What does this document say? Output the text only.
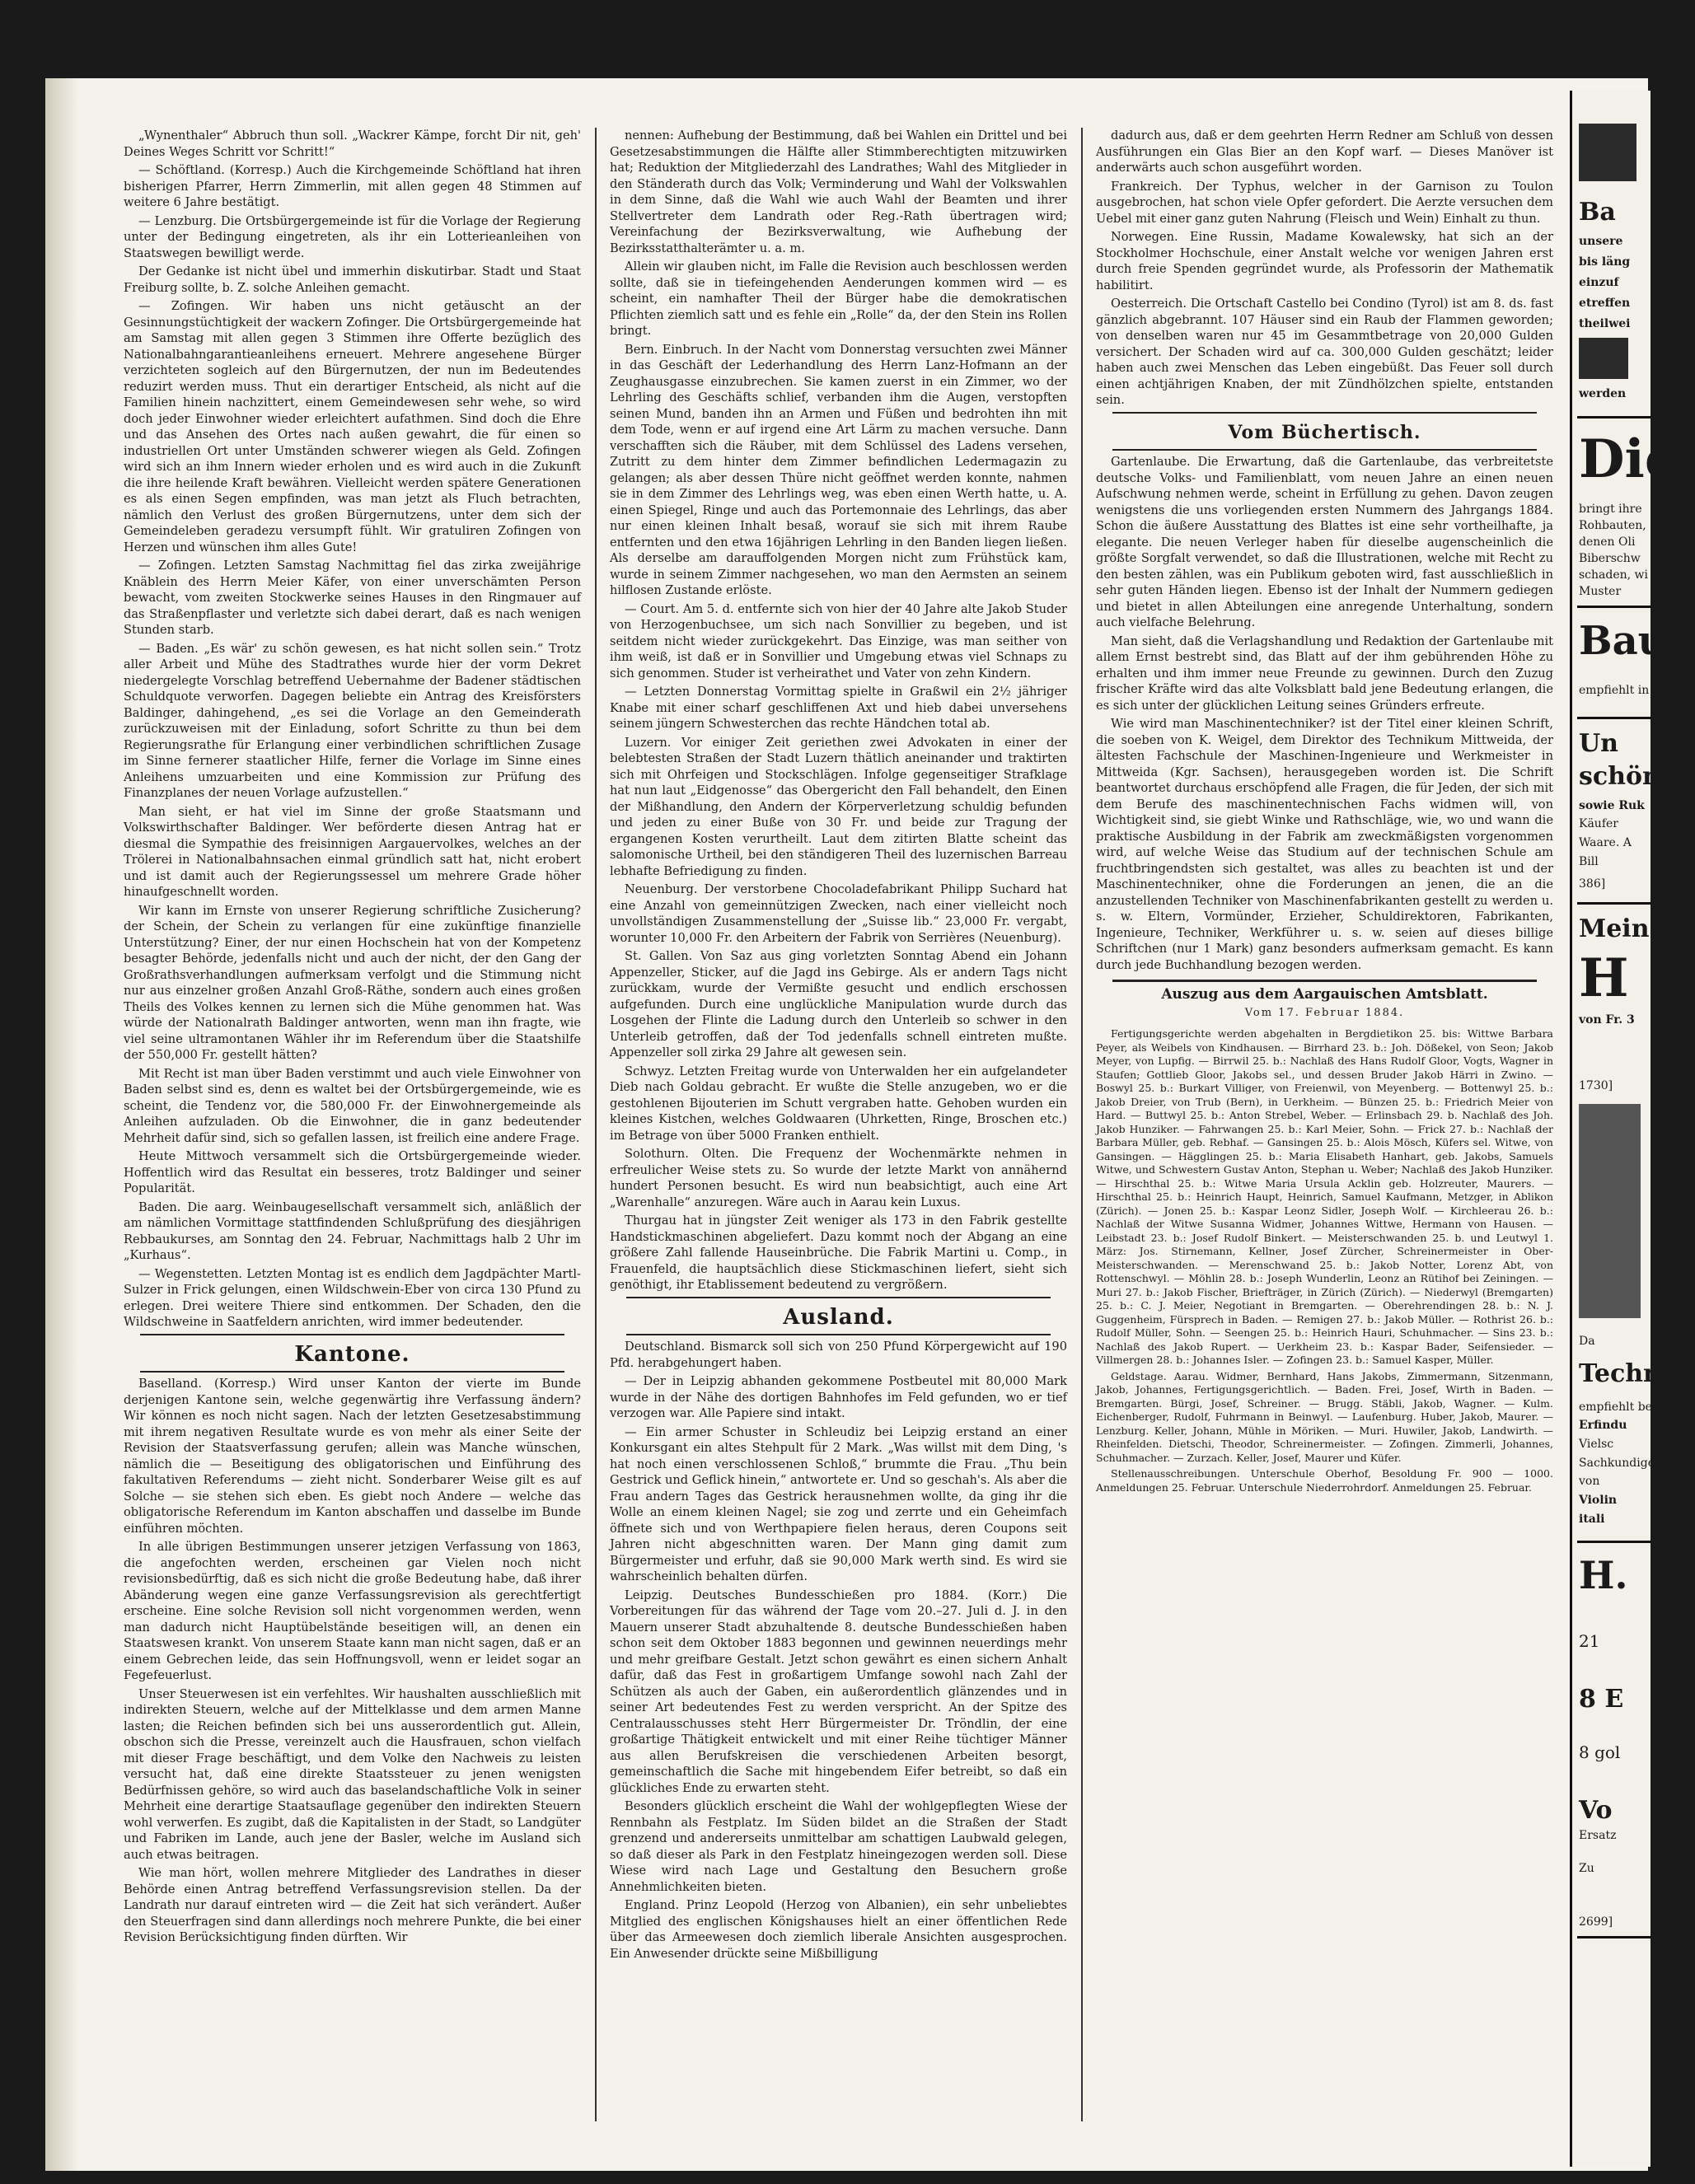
„Wynenthaler“ Abbruch thun soll. „Wackrer Kämpe, forcht Dir nit, geh' Deines Weges Schritt vor Schritt!“

— Schöftland. (Korresp.) Auch die Kirchgemeinde Schöftland hat ihren bisherigen Pfarrer, Herrn Zimmerlin, mit allen gegen 48 Stimmen auf weitere 6 Jahre bestätigt.

— Lenzburg. Die Ortsbürgergemeinde ist für die Vorlage der Regierung unter der Bedingung eingetreten, als ihr ein Lotterieanleihen von Staatswegen bewilligt werde.

Der Gedanke ist nicht übel und immerhin diskutirbar. Stadt und Staat Freiburg sollte, b. Z. solche Anleihen gemacht.

— Zofingen. Wir haben uns nicht getäuscht an der Gesinnungstüchtigkeit der wackern Zofinger. Die Ortsbürgergemeinde hat am Samstag mit allen gegen 3 Stimmen ihre Offerte bezüglich des Nationalbahngarantieanleihens erneuert. Mehrere angesehene Bürger verzichteten sogleich auf den Bürgernutzen, der nun im Bedeutendes reduzirt werden muss. Thut ein derartiger Entscheid, als nicht auf die Familien hinein nachzittert, einem Gemeindewesen sehr wehe, so wird doch jeder Einwohner wieder erleichtert aufathmen. Sind doch die Ehre und das Ansehen des Ortes nach außen gewahrt, die für einen so industriellen Ort unter Umständen schwerer wiegen als Geld. Zofingen wird sich an ihm Innern wieder erholen und es wird auch in die Zukunft die ihre heilende Kraft bewähren. Vielleicht werden spätere Generationen es als einen Segen empfinden, was man jetzt als Fluch betrachten, nämlich den Verlust des großen Bürgernutzens, unter dem sich der Gemeindeleben geradezu versumpft fühlt. Wir gratuliren Zofingen von Herzen und wünschen ihm alles Gute!

— Zofingen. Letzten Samstag Nachmittag fiel das zirka zweijährige Knäblein des Herrn Meier Käfer, von einer unverschämten Person bewacht, vom zweiten Stockwerke seines Hauses in den Ringmauer auf das Straßenpflaster und verletzte sich dabei derart, daß es nach wenigen Stunden starb.

— Baden. „Es wär' zu schön gewesen, es hat nicht sollen sein.“ Trotz aller Arbeit und Mühe des Stadtrathes wurde hier der vorm Dekret niedergelegte Vorschlag betreffend Uebernahme der Badener städtischen Schuldquote verworfen. Dagegen beliebte ein Antrag des Kreisförsters Baldinger, dahingehend, „es sei die Vorlage an den Gemeinderath zurückzuweisen mit der Einladung, sofort Schritte zu thun bei dem Regierungsrathe für Erlangung einer verbindlichen schriftlichen Zusage im Sinne fernerer staatlicher Hilfe, ferner die Vorlage im Sinne eines Anleihens umzuarbeiten und eine Kommission zur Prüfung des Finanzplanes der neuen Vorlage aufzustellen.“

Man sieht, er hat viel im Sinne der große Staatsmann und Volkswirthschafter Baldinger. Wer beförderte diesen Antrag hat er diesmal die Sympathie des freisinnigen Aargauervolkes, welches an der Trölerei in Nationalbahnsachen einmal gründlich satt hat, nicht erobert und ist damit auch der Regierungssessel um mehrere Grade höher hinaufgeschnellt worden.

Wir kann im Ernste von unserer Regierung schriftliche Zusicherung? der Schein, der Schein zu verlangen für eine zukünftige finanzielle Unterstützung? Einer, der nur einen Hochschein hat von der Kompetenz besagter Behörde, jedenfalls nicht und auch der nicht, der den Gang der Großrathsverhandlungen aufmerksam verfolgt und die Stimmung nicht nur aus einzelner großen Anzahl Groß-Räthe, sondern auch eines großen Theils des Volkes kennen zu lernen sich die Mühe genommen hat. Was würde der Nationalrath Baldinger antworten, wenn man ihn fragte, wie viel seine ultramontanen Wähler ihr im Referendum über die Staatshilfe der 550,000 Fr. gestellt hätten?

Mit Recht ist man über Baden verstimmt und auch viele Einwohner von Baden selbst sind es, denn es waltet bei der Ortsbürgergemeinde, wie es scheint, die Tendenz vor, die 580,000 Fr. der Einwohnergemeinde als Anleihen aufzuladen. Ob die Einwohner, die in ganz bedeutender Mehrheit dafür sind, sich so gefallen lassen, ist freilich eine andere Frage.

Heute Mittwoch versammelt sich die Ortsbürgergemeinde wieder. Hoffentlich wird das Resultat ein besseres, trotz Baldinger und seiner Popularität.

Baden. Die aarg. Weinbaugesellschaft versammelt sich, anläßlich der am nämlichen Vormittage stattfindenden Schlußprüfung des diesjährigen Rebbaukurses, am Sonntag den 24. Februar, Nachmittags halb 2 Uhr im „Kurhaus“.

— Wegenstetten. Letzten Montag ist es endlich dem Jagdpächter Martl-Sulzer in Frick gelungen, einen Wildschwein-Eber von circa 130 Pfund zu erlegen. Drei weitere Thiere sind entkommen. Der Schaden, den die Wildschweine in Saatfeldern anrichten, wird immer bedeutender.

Kantone.

Baselland. (Korresp.) Wird unser Kanton der vierte im Bunde derjenigen Kantone sein, welche gegenwärtig ihre Verfassung ändern? Wir können es noch nicht sagen. Nach der letzten Gesetzesabstimmung mit ihrem negativen Resultate wurde es von mehr als einer Seite der Revision der Staatsverfassung gerufen; allein was Manche wünschen, nämlich die — Beseitigung des obligatorischen und Einführung des fakultativen Referendums — zieht nicht. Sonderbarer Weise gilt es auf Solche — sie stehen sich eben. Es giebt noch Andere — welche das obligatorische Referendum im Kanton abschaffen und dasselbe im Bunde einführen möchten.

In alle übrigen Bestimmungen unserer jetzigen Verfassung von 1863, die angefochten werden, erscheinen gar Vielen noch nicht revisionsbedürftig, daß es sich nicht die große Bedeutung habe, daß ihrer Abänderung wegen eine ganze Verfassungsrevision als gerechtfertigt erscheine. Eine solche Revision soll nicht vorgenommen werden, wenn man dadurch nicht Hauptübelstände beseitigen will, an denen ein Staatswesen krankt. Von unserem Staate kann man nicht sagen, daß er an einem Gebrechen leide, das sein Hoffnungsvoll, wenn er leidet sogar an Fegefeuerlust.

Unser Steuerwesen ist ein verfehltes. Wir haushalten ausschließlich mit indirekten Steuern, welche auf der Mittelklasse und dem armen Manne lasten; die Reichen befinden sich bei uns ausserordentlich gut. Allein, obschon sich die Presse, vereinzelt auch die Hausfrauen, schon vielfach mit dieser Frage beschäftigt, und dem Volke den Nachweis zu leisten versucht hat, daß eine direkte Staatssteuer zu jenen wenigsten Bedürfnissen gehöre, so wird auch das baselandschaftliche Volk in seiner Mehrheit eine derartige Staatsauflage gegenüber den indirekten Steuern wohl verwerfen. Es zugibt, daß die Kapitalisten in der Stadt, so Landgüter und Fabriken im Lande, auch jene der Basler, welche im Ausland sich auch etwas beitragen.

Wie man hört, wollen mehrere Mitglieder des Landrathes in dieser Behörde einen Antrag betreffend Verfassungsrevision stellen. Da der Landrath nur darauf eintreten wird — die Zeit hat sich verändert. Außer den Steuerfragen sind dann allerdings noch mehrere Punkte, die bei einer Revision Berücksichtigung finden dürften. Wir

nennen: Aufhebung der Bestimmung, daß bei Wahlen ein Drittel und bei Gesetzesabstimmungen die Hälfte aller Stimmberechtigten mitzuwirken hat; Reduktion der Mitgliederzahl des Landrathes; Wahl des Mitglieder in den Ständerath durch das Volk; Verminderung und Wahl der Volkswahlen in dem Sinne, daß die Wahl wie auch Wahl der Beamten und ihrer Stellvertreter dem Landrath oder Reg.-Rath übertragen wird; Vereinfachung der Bezirksverwaltung, wie Aufhebung der Bezirksstatthalterämter u. a. m.

Allein wir glauben nicht, im Falle die Revision auch beschlossen werden sollte, daß sie in tiefeingehenden Aenderungen kommen wird — es scheint, ein namhafter Theil der Bürger habe die demokratischen Pflichten ziemlich satt und es fehle ein „Rolle“ da, der den Stein ins Rollen bringt.

Bern. Einbruch. In der Nacht vom Donnerstag versuchten zwei Männer in das Geschäft der Lederhandlung des Herrn Lanz-Hofmann an der Zeughausgasse einzubrechen. Sie kamen zuerst in ein Zimmer, wo der Lehrling des Geschäfts schlief, verbanden ihm die Augen, verstopften seinen Mund, banden ihn an Armen und Füßen und bedrohten ihn mit dem Tode, wenn er auf irgend eine Art Lärm zu machen versuche. Dann verschafften sich die Räuber, mit dem Schlüssel des Ladens versehen, Zutritt zu dem hinter dem Zimmer befindlichen Ledermagazin zu gelangen; als aber dessen Thüre nicht geöffnet werden konnte, nahmen sie in dem Zimmer des Lehrlings weg, was eben einen Werth hatte, u. A. einen Spiegel, Ringe und auch das Portemonnaie des Lehrlings, das aber nur einen kleinen Inhalt besaß, worauf sie sich mit ihrem Raube entfernten und den etwa 16jährigen Lehrling in den Banden liegen ließen. Als derselbe am darauffolgenden Morgen nicht zum Frühstück kam, wurde in seinem Zimmer nachgesehen, wo man den Aermsten an seinem hilflosen Zustande erlöste.

— Court. Am 5. d. entfernte sich von hier der 40 Jahre alte Jakob Studer von Herzogenbuchsee, um sich nach Sonvillier zu begeben, und ist seitdem nicht wieder zurückgekehrt. Das Einzige, was man seither von ihm weiß, ist daß er in Sonvillier und Umgebung etwas viel Schnaps zu sich genommen. Studer ist verheirathet und Vater von zehn Kindern.

— Letzten Donnerstag Vormittag spielte in Graßwil ein 2½ jähriger Knabe mit einer scharf geschliffenen Axt und hieb dabei unversehens seinem jüngern Schwesterchen das rechte Händchen total ab.

Luzern. Vor einiger Zeit geriethen zwei Advokaten in einer der belebtesten Straßen der Stadt Luzern thätlich aneinander und traktirten sich mit Ohrfeigen und Stockschlägen. Infolge gegenseitiger Strafklage hat nun laut „Eidgenosse“ das Obergericht den Fall behandelt, den Einen der Mißhandlung, den Andern der Körperverletzung schuldig befunden und jeden zu einer Buße von 30 Fr. und beide zur Tragung der ergangenen Kosten verurtheilt. Laut dem zitirten Blatte scheint das salomonische Urtheil, bei den ständigeren Theil des luzernischen Barreau lebhafte Befriedigung zu finden.

Neuenburg. Der verstorbene Chocoladefabrikant Philipp Suchard hat eine Anzahl von gemeinnützigen Zwecken, nach einer vielleicht noch unvollständigen Zusammenstellung der „Suisse lib.“ 23,000 Fr. vergabt, worunter 10,000 Fr. den Arbeitern der Fabrik von Serrières (Neuenburg).

St. Gallen. Von Saz aus ging vorletzten Sonntag Abend ein Johann Appenzeller, Sticker, auf die Jagd ins Gebirge. Als er andern Tags nicht zurückkam, wurde der Vermißte gesucht und endlich erschossen aufgefunden. Durch eine unglückliche Manipulation wurde durch das Losgehen der Flinte die Ladung durch den Unterleib so schwer in den Unterleib getroffen, daß der Tod jedenfalls schnell eintreten mußte. Appenzeller soll zirka 29 Jahre alt gewesen sein.

Schwyz. Letzten Freitag wurde von Unterwalden her ein aufgelandeter Dieb nach Goldau gebracht. Er wußte die Stelle anzugeben, wo er die gestohlenen Bijouterien im Schutt vergraben hatte. Gehoben wurden ein kleines Kistchen, welches Goldwaaren (Uhrketten, Ringe, Broschen etc.) im Betrage von über 5000 Franken enthielt.

Solothurn. Olten. Die Frequenz der Wochenmärkte nehmen in erfreulicher Weise stets zu. So wurde der letzte Markt von annähernd hundert Personen besucht. Es wird nun beabsichtigt, auch eine Art „Warenhalle“ anzuregen. Wäre auch in Aarau kein Luxus.

Thurgau hat in jüngster Zeit weniger als 173 in den Fabrik gestellte Handstickmaschinen abgeliefert. Dazu kommt noch der Abgang an eine größere Zahl fallende Hauseinbrüche. Die Fabrik Martini u. Comp., in Frauenfeld, die hauptsächlich diese Stickmaschinen liefert, sieht sich genöthigt, ihr Etablissement bedeutend zu vergrößern.

Ausland.

Deutschland. Bismarck soll sich von 250 Pfund Körpergewicht auf 190 Pfd. herabgehungert haben.

— Der in Leipzig abhanden gekommene Postbeutel mit 80,000 Mark wurde in der Nähe des dortigen Bahnhofes im Feld gefunden, wo er tief verzogen war. Alle Papiere sind intakt.

— Ein armer Schuster in Schleudiz bei Leipzig erstand an einer Konkursgant ein altes Stehpult für 2 Mark. „Was willst mit dem Ding, 's hat noch einen verschlossenen Schloß,“ brummte die Frau. „Thu bein Gestrick und Geflick hinein,“ antwortete er. Und so geschah's. Als aber die Frau andern Tages das Gestrick herausnehmen wollte, da ging ihr die Wolle an einem kleinen Nagel; sie zog und zerrte und ein Geheimfach öffnete sich und von Werthpapiere fielen heraus, deren Coupons seit Jahren nicht abgeschnitten waren. Der Mann ging damit zum Bürgermeister und erfuhr, daß sie 90,000 Mark werth sind. Es wird sie wahrscheinlich behalten dürfen.

Leipzig. Deutsches Bundesschießen pro 1884. (Korr.) Die Vorbereitungen für das während der Tage vom 20.–27. Juli d. J. in den Mauern unserer Stadt abzuhaltende 8. deutsche Bundesschießen haben schon seit dem Oktober 1883 begonnen und gewinnen neuerdings mehr und mehr greifbare Gestalt. Jetzt schon gewährt es einen sichern Anhalt dafür, daß das Fest in großartigem Umfange sowohl nach Zahl der Schützen als auch der Gaben, ein außerordentlich glänzendes und in seiner Art bedeutendes Fest zu werden verspricht. An der Spitze des Centralausschusses steht Herr Bürgermeister Dr. Tröndlin, der eine großartige Thätigkeit entwickelt und mit einer Reihe tüchtiger Männer aus allen Berufskreisen die verschiedenen Arbeiten besorgt, gemeinschaftlich die Sache mit hingebendem Eifer betreibt, so daß ein glückliches Ende zu erwarten steht.

Besonders glücklich erscheint die Wahl der wohlgepflegten Wiese der Rennbahn als Festplatz. Im Süden bildet an die Straßen der Stadt grenzend und andererseits unmittelbar am schattigen Laubwald gelegen, so daß dieser als Park in den Festplatz hineingezogen werden soll. Diese Wiese wird nach Lage und Gestaltung den Besuchern große Annehmlichkeiten bieten.

England. Prinz Leopold (Herzog von Albanien), ein sehr unbeliebtes Mitglied des englischen Königshauses hielt an einer öffentlichen Rede über das Armeewesen doch ziemlich liberale Ansichten ausgesprochen. Ein Anwesender drückte seine Mißbilligung

dadurch aus, daß er dem geehrten Herrn Redner am Schluß von dessen Ausführungen ein Glas Bier an den Kopf warf. — Dieses Manöver ist anderwärts auch schon ausgeführt worden.

Frankreich. Der Typhus, welcher in der Garnison zu Toulon ausgebrochen, hat schon viele Opfer gefordert. Die Aerzte versuchen dem Uebel mit einer ganz guten Nahrung (Fleisch und Wein) Einhalt zu thun.

Norwegen. Eine Russin, Madame Kowalewsky, hat sich an der Stockholmer Hochschule, einer Anstalt welche vor wenigen Jahren erst durch freie Spenden gegründet wurde, als Professorin der Mathematik habilitirt.

Oesterreich. Die Ortschaft Castello bei Condino (Tyrol) ist am 8. ds. fast gänzlich abgebrannt. 107 Häuser sind ein Raub der Flammen geworden; von denselben waren nur 45 im Gesammtbetrage von 20,000 Gulden versichert. Der Schaden wird auf ca. 300,000 Gulden geschätzt; leider haben auch zwei Menschen das Leben eingebüßt. Das Feuer soll durch einen achtjährigen Knaben, der mit Zündhölzchen spielte, entstanden sein.

Vom Büchertisch.

Gartenlaube. Die Erwartung, daß die Gartenlaube, das verbreitetste deutsche Volks- und Familienblatt, vom neuen Jahre an einen neuen Aufschwung nehmen werde, scheint in Erfüllung zu gehen. Davon zeugen wenigstens die uns vorliegenden ersten Nummern des Jahrgangs 1884. Schon die äußere Ausstattung des Blattes ist eine sehr vortheilhafte, ja elegante. Die neuen Verleger haben für dieselbe augenscheinlich die größte Sorgfalt verwendet, so daß die Illustrationen, welche mit Recht zu den besten zählen, was ein Publikum geboten wird, fast ausschließlich in sehr guten Händen liegen. Ebenso ist der Inhalt der Nummern gediegen und bietet in allen Abteilungen eine anregende Unterhaltung, sondern auch vielfache Belehrung.

Man sieht, daß die Verlagshandlung und Redaktion der Gartenlaube mit allem Ernst bestrebt sind, das Blatt auf der ihm gebührenden Höhe zu erhalten und ihm immer neue Freunde zu gewinnen. Durch den Zuzug frischer Kräfte wird das alte Volksblatt bald jene Bedeutung erlangen, die es sich unter der glücklichen Leitung seines Gründers erfreute.

Wie wird man Maschinentechniker? ist der Titel einer kleinen Schrift, die soeben von K. Weigel, dem Direktor des Technikum Mittweida, der ältesten Fachschule der Maschinen-Ingenieure und Werkmeister in Mittweida (Kgr. Sachsen), herausgegeben worden ist. Die Schrift beantwortet durchaus erschöpfend alle Fragen, die für Jeden, der sich mit dem Berufe des maschinentechnischen Fachs widmen will, von Wichtigkeit sind, sie giebt Winke und Rathschläge, wie, wo und wann die praktische Ausbildung in der Fabrik am zweckmäßigsten vorgenommen wird, auf welche Weise das Studium auf der technischen Schule am fruchtbringendsten sich gestaltet, was alles zu beachten ist und der Maschinentechniker, ohne die Forderungen an jenen, die an die anzustellenden Techniker von Maschinenfabrikanten gestellt zu werden u. s. w. Eltern, Vormünder, Erzieher, Schuldirektoren, Fabrikanten, Ingenieure, Techniker, Werkführer u. s. w. seien auf dieses billige Schriftchen (nur 1 Mark) ganz besonders aufmerksam gemacht. Es kann durch jede Buchhandlung bezogen werden.

Auszug aus dem Aargauischen Amtsblatt.
Vom 17. Februar 1884.

Fertigungsgerichte werden abgehalten in Bergdietikon 25. bis: Wittwe Barbara Peyer, als Weibels von Kindhausen. — Birrhard 23. b.: Joh. Dößekel, von Seon; Jakob Meyer, von Lupfig. — Birrwil 25. b.: Nachlaß des Hans Rudolf Gloor, Vogts, Wagner in Staufen; Gottlieb Gloor, Jakobs sel., und dessen Bruder Jakob Härri in Zwino. — Boswyl 25. b.: Burkart Villiger, von Freienwil, von Meyenberg. — Bottenwyl 25. b.: Jakob Dreier, von Trub (Bern), in Uerkheim. — Bünzen 25. b.: Friedrich Meier von Hard. — Buttwyl 25. b.: Anton Strebel, Weber. — Erlinsbach 29. b. Nachlaß des Joh. Jakob Hunziker. — Fahrwangen 25. b.: Karl Meier, Sohn. — Frick 27. b.: Nachlaß der Barbara Müller, geb. Rebhaf. — Gansingen 25. b.: Alois Mösch, Küfers sel. Witwe, von Gansingen. — Hägglingen 25. b.: Maria Elisabeth Hanhart, geb. Jakobs, Samuels Witwe, und Schwestern Gustav Anton, Stephan u. Weber; Nachlaß des Jakob Hunziker. — Hirschthal 25. b.: Witwe Maria Ursula Acklin geb. Holzreuter, Maurers. — Hirschthal 25. b.: Heinrich Haupt, Heinrich, Samuel Kaufmann, Metzger, in Ablikon (Zürich). — Jonen 25. b.: Kaspar Leonz Sidler, Joseph Wolf. — Kirchleerau 26. b.: Nachlaß der Witwe Susanna Widmer, Johannes Wittwe, Hermann von Hausen. — Leibstadt 23. b.: Josef Rudolf Binkert. — Meisterschwanden 25. b. und Leutwyl 1. März: Jos. Stirnemann, Kellner, Josef Zürcher, Schreinermeister in Ober-Meisterschwanden. — Merenschwand 25. b.: Jakob Notter, Lorenz Abt, von Rottenschwyl. — Möhlin 28. b.: Joseph Wunderlin, Leonz an Rütihof bei Zeiningen. — Muri 27. b.: Jakob Fischer, Briefträger, in Zürich (Zürich). — Niederwyl (Bremgarten) 25. b.: C. J. Meier, Negotiant in Bremgarten. — Oberehrendingen 28. b.: N. J. Guggenheim, Fürsprech in Baden. — Remigen 27. b.: Jakob Müller. — Rothrist 26. b.: Rudolf Müller, Sohn. — Seengen 25. b.: Heinrich Hauri, Schuhmacher. — Sins 23. b.: Nachlaß des Jakob Rupert. — Uerkheim 23. b.: Kaspar Bader, Seifensieder. — Villmergen 28. b.: Johannes Isler. — Zofingen 23. b.: Samuel Kasper, Müller.

Geldstage. Aarau. Widmer, Bernhard, Hans Jakobs, Zimmermann, Sitzenmann, Jakob, Johannes, Fertigungsgerichtlich. — Baden. Frei, Josef, Wirth in Baden. — Bremgarten. Bürgi, Josef, Schreiner. — Brugg. Stäbli, Jakob, Wagner. — Kulm. Eichenberger, Rudolf, Fuhrmann in Beinwyl. — Laufenburg. Huber, Jakob, Maurer. — Lenzburg. Keller, Johann, Mühle in Möriken. — Muri. Huwiler, Jakob, Landwirth. — Rheinfelden. Dietschi, Theodor, Schreinermeister. — Zofingen. Zimmerli, Johannes, Schuhmacher. — Zurzach. Keller, Josef, Maurer und Küfer.

Stellenausschreibungen. Unterschule Oberhof, Besoldung Fr. 900 — 1000. Anmeldungen 25. Februar. Unterschule Niederrohrdorf. Anmeldungen 25. Februar.

Ba
unsere
bis läng
einzuf
etreffen
theilwei
werden
Die
bringt ihre
Rohbauten,
denen Oli
Biberschw
schaden, wi
Muster
Baun
empfiehlt in
Un
schöne
sowie Ruk
Käufer
Waare. A
Bill
386]
Mein
H
von Fr. 3
1730]
Da
Techn
empfiehlt bei
Erfindu
Vielsc
Sachkundige
von
Violin
itali
H.
21
8 E
8 gol
Vo
Ersatz
Zu
2699]
